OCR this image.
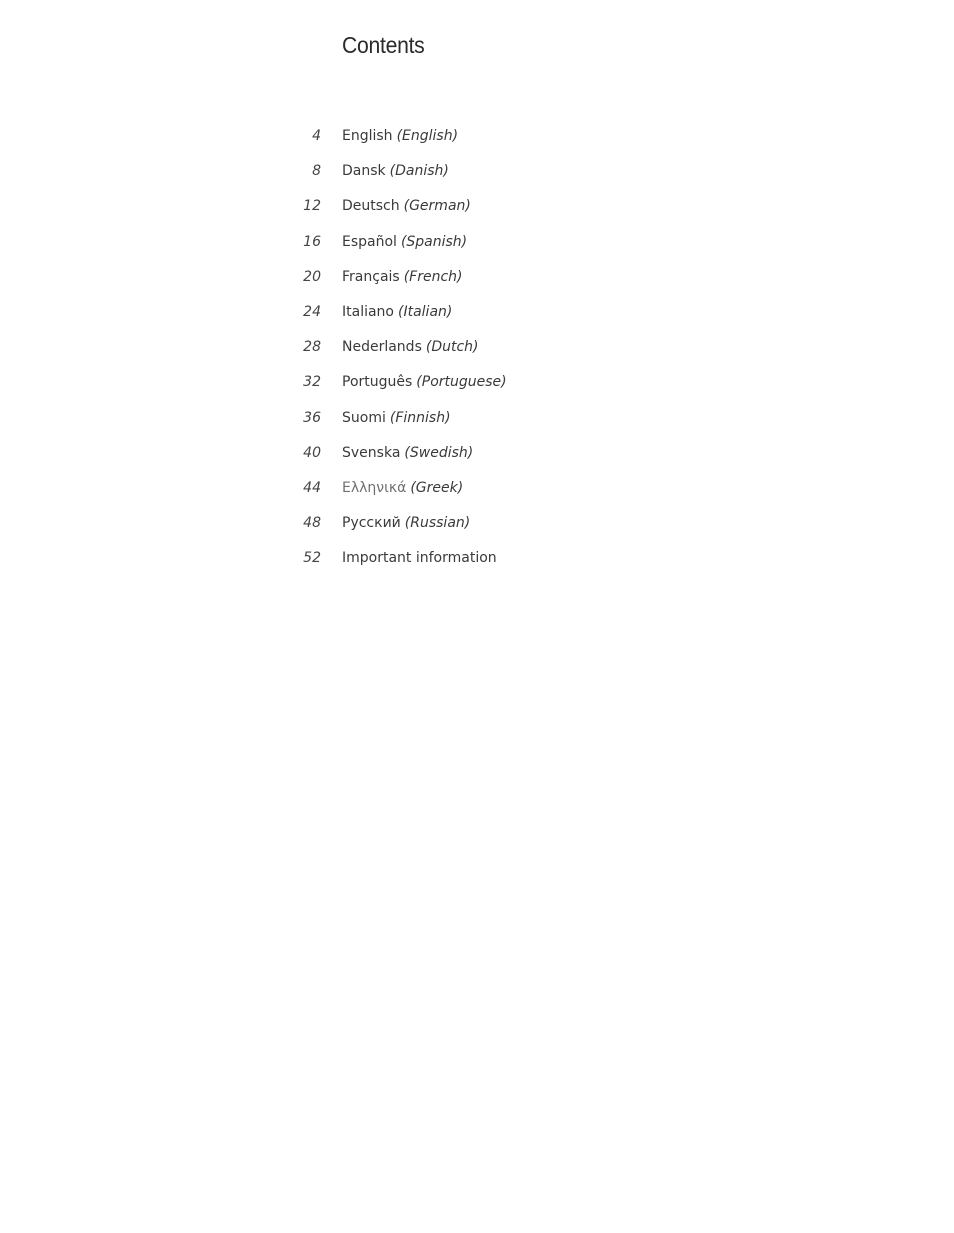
Contents
4 English (English)
8 Dansk (Danish)
12 Deutsch (German)
16 Español (Spanish)
20 Français (French)
24 Italiano (Italian)
28 Nederlands (Dutch)
32 Português (Portuguese)
36 Suomi (Finnish)
40 Svenska (Swedish)
44 Ελληνικά (Greek)
48 Русский (Russian)
52 Important information
